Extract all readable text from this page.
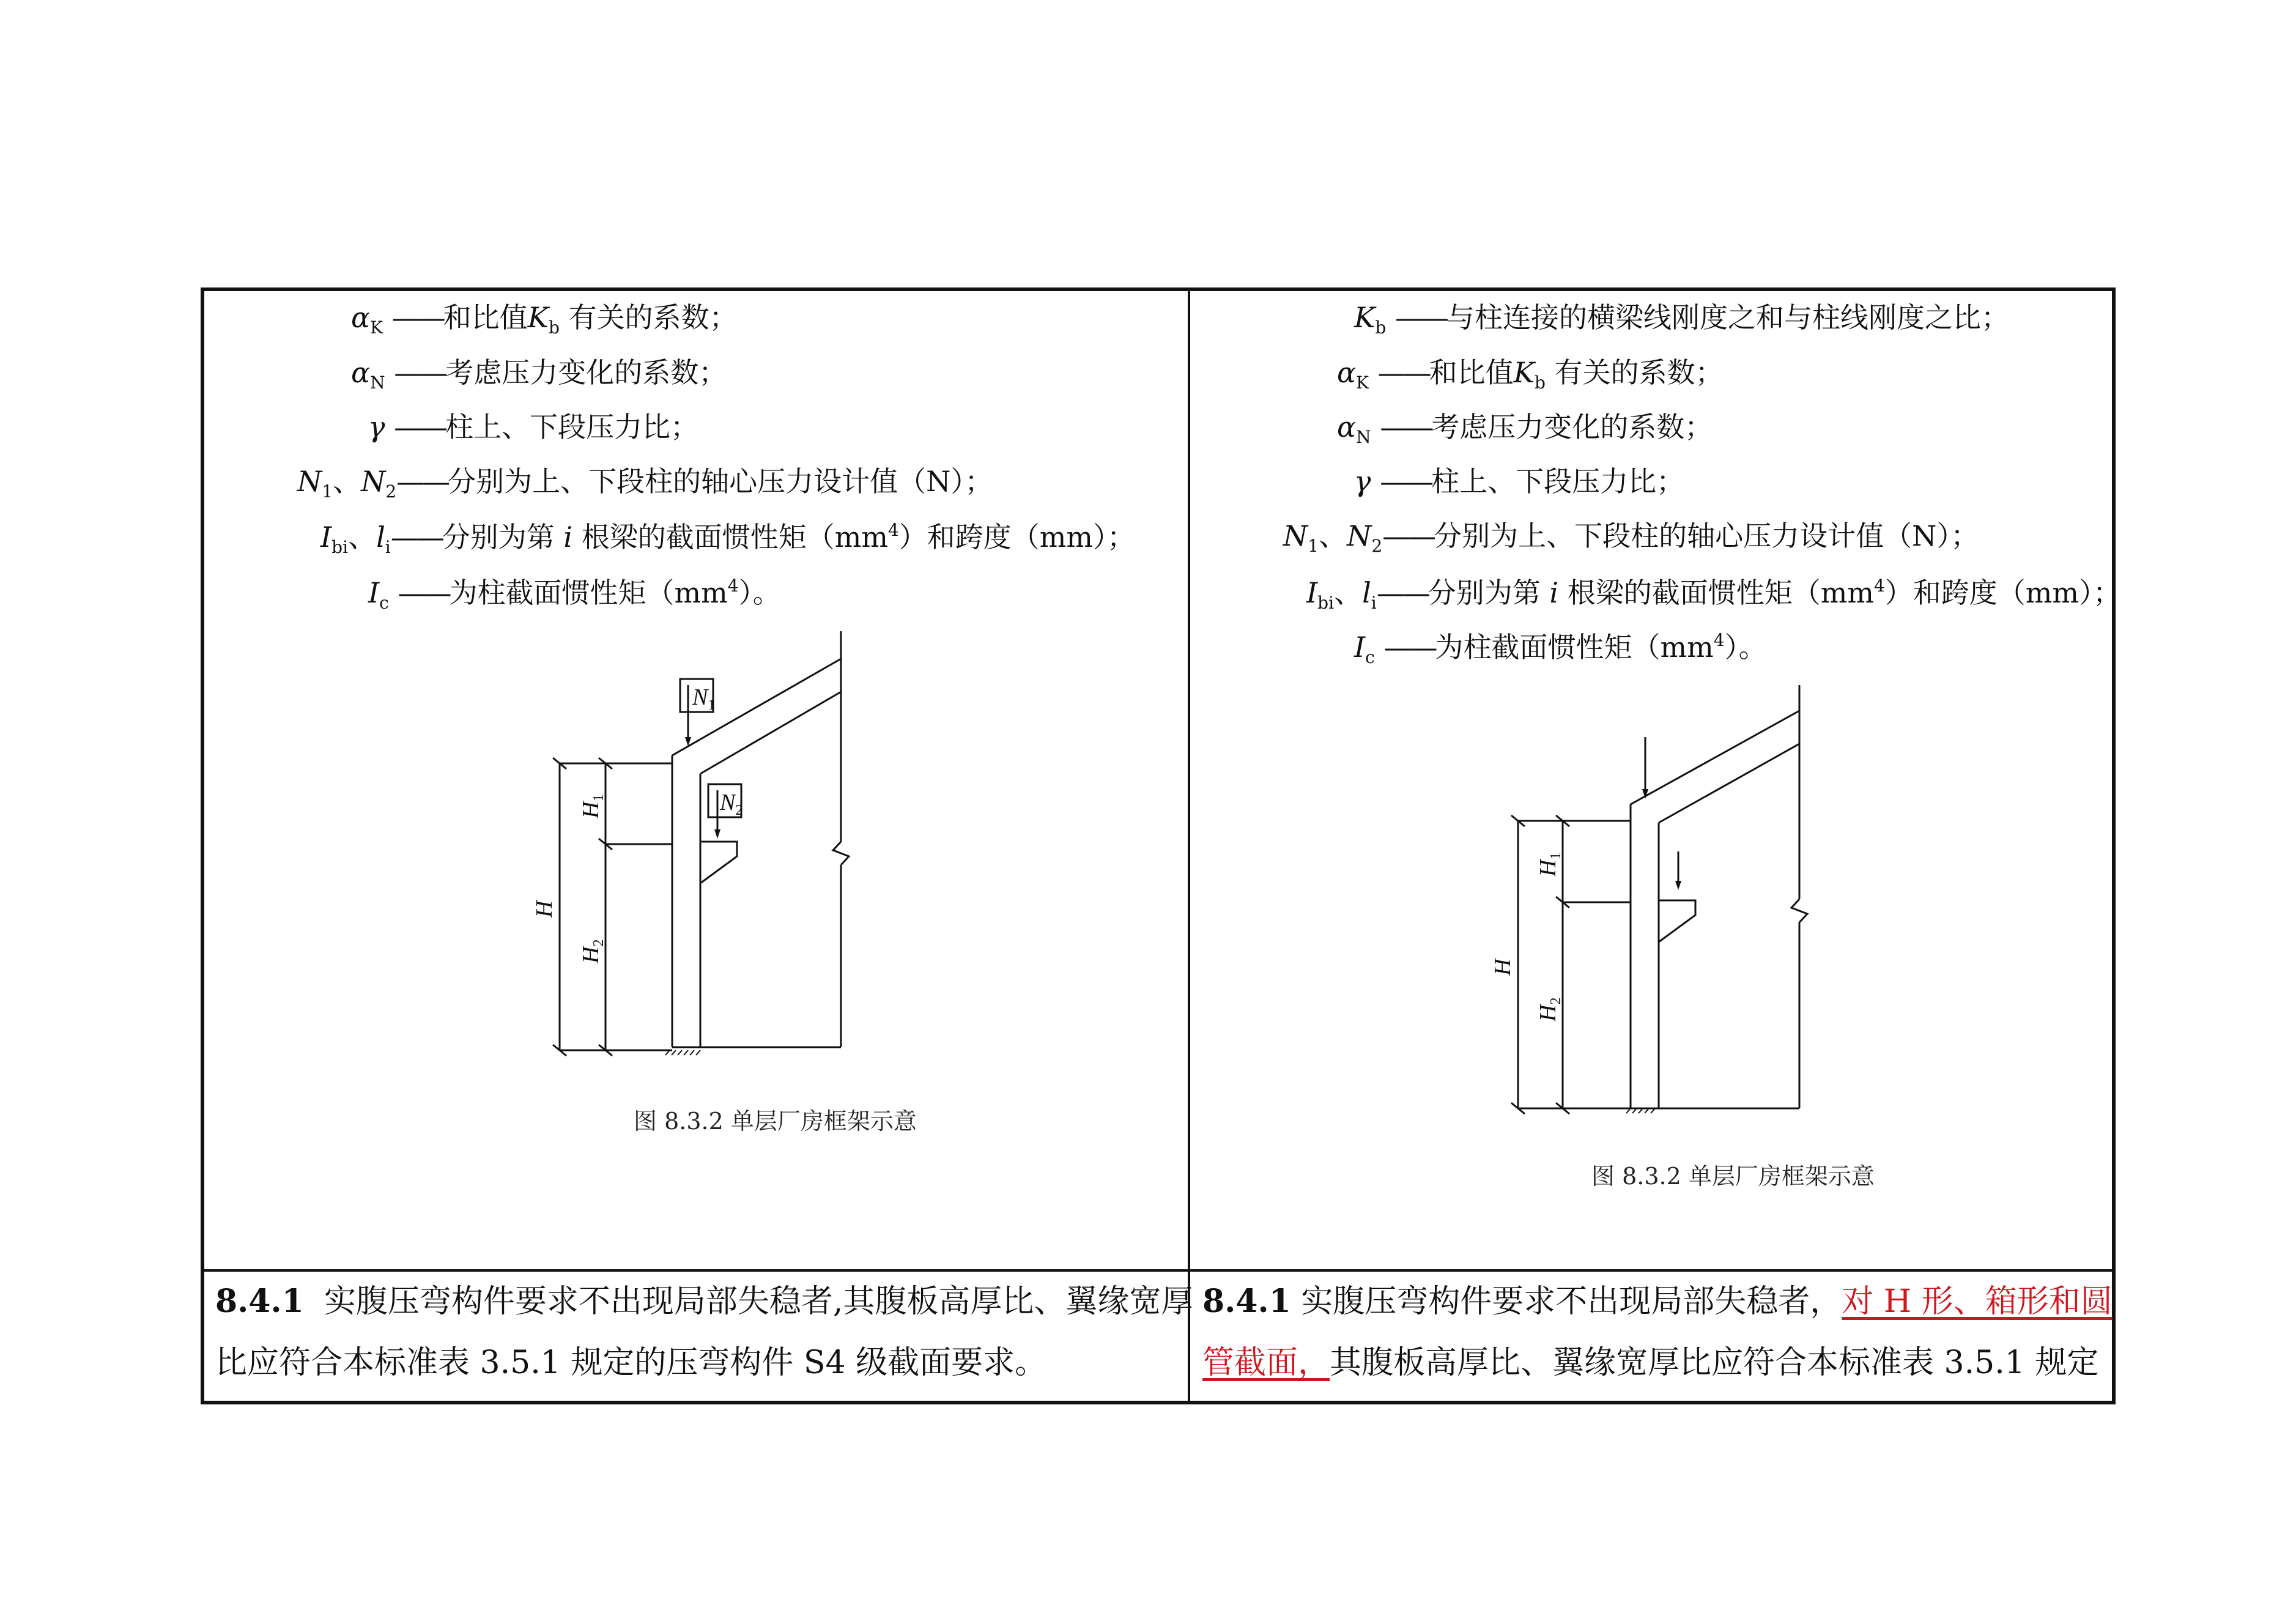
$\alpha_K$ ——和比值$K_b$ 有关的系数；
$\alpha_N$ ——考虑压力变化的系数；
γ ——柱上、下段压力比；
$N_1$、$N_2——$分别为上、下段柱的轴心压力设计值（N）；
$I_{bi}$、$l_i——$分别为第 i 根梁的截面惯性矩$(mm^4)$和跨度（mm）；
$I_c$ ——为柱截面惯性矩$(mm^4)$。
$N_1$
$N_2$
H
$H_1$
$H_2$
图 8.3.2 单层厂房框架示意
8.4.1 实腹压弯构件要求不出现局部失稳者,其腹板高厚比、翼缘宽厚
比应符合本标准表 3.5.1 规定的压弯构件 S4 级截面要求。
$K_b$ ——与柱连接的横梁线刚度之和与柱线刚度之比；
$\alpha_K$ ——和比值$K_b$ 有关的系数；
$\alpha_N$ ——考虑压力变化的系数；
γ ——柱上、下段压力比；
$N_1$、$N_2——$分别为上、下段柱的轴心压力设计值（N）；
$I_{bi}$、$l_i——$分别为第 i 根梁的截面惯性矩$(mm^4)$和跨度（mm）；
$I_c$ ——为柱截面惯性矩$(mm^4)$。
H
$H_1$
$H_2$
图 8.3.2 单层厂房框架示意
8.4.1 实腹压弯构件要求不出现局部失稳者，对 H 形、箱形和圆
管截面，其腹板高厚比、翼缘宽厚比应符合本标准表 3.5.1 规定
